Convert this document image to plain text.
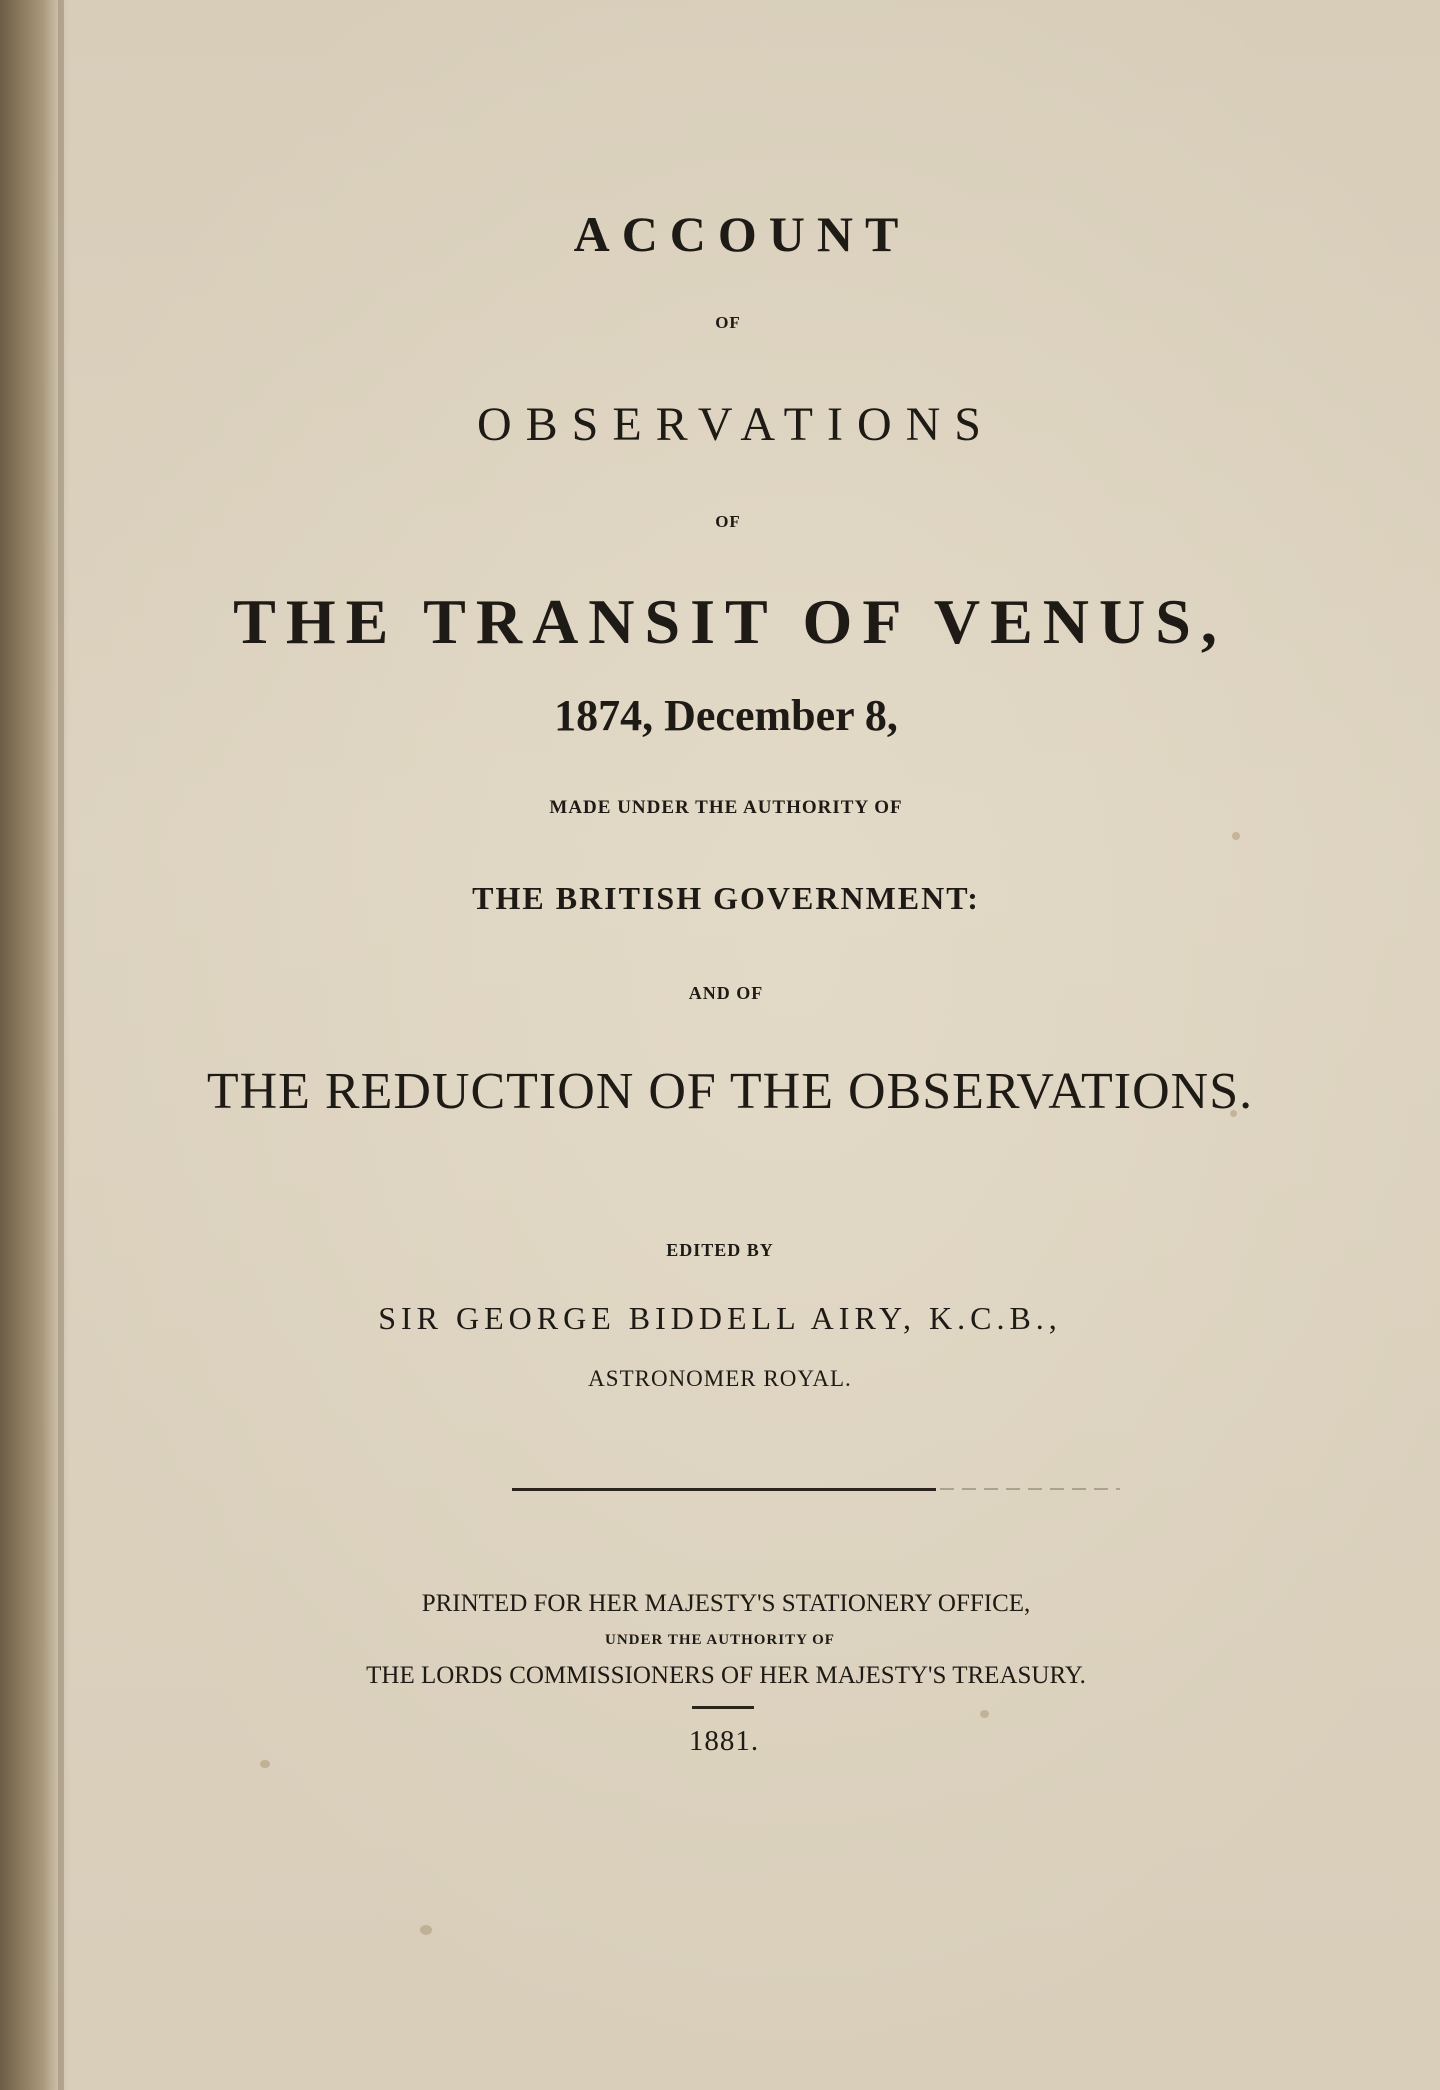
ACCOUNT
OF
OBSERVATIONS
OF
THE TRANSIT OF VENUS,
1874, December 8,
MADE UNDER THE AUTHORITY OF
THE BRITISH GOVERNMENT:
AND OF
THE REDUCTION OF THE OBSERVATIONS.
EDITED BY
SIR GEORGE BIDDELL AIRY, K.C.B.,
ASTRONOMER ROYAL.
PRINTED FOR HER MAJESTY'S STATIONERY OFFICE,
UNDER THE AUTHORITY OF
THE LORDS COMMISSIONERS OF HER MAJESTY'S TREASURY.
1881.
